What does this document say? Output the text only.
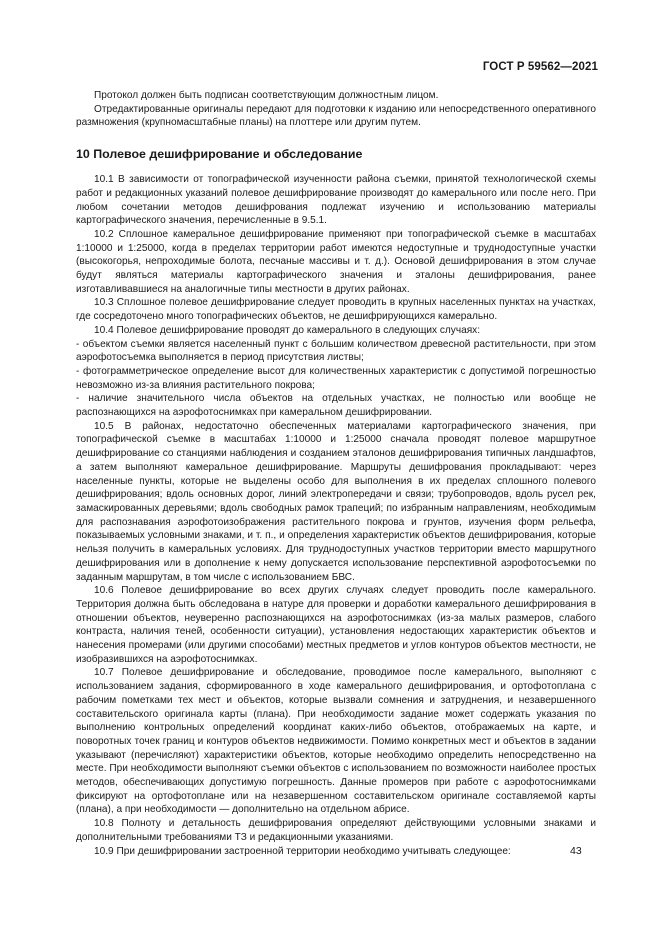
ГОСТ Р 59562—2021

Протокол должен быть подписан соответствующим должностным лицом.

Отредактированные оригиналы передают для подготовки к изданию или непосредственного оперативного размножения (крупномасштабные планы) на плоттере или другим путем.

10 Полевое дешифрирование и обследование

10.1 В зависимости от топографической изученности района съемки, принятой технологической схемы работ и редакционных указаний полевое дешифрирование производят до камерального или после него. При любом сочетании методов дешифрования подлежат изучению и использованию материалы картографического значения, перечисленные в 9.5.1.

10.2 Сплошное камеральное дешифрирование применяют при топографической съемке в масштабах 1:10000 и 1:25000, когда в пределах территории работ имеются недоступные и труднодоступные участки (высокогорья, непроходимые болота, песчаные массивы и т. д.). Основой дешифрирования в этом случае будут являться материалы картографического значения и эталоны дешифрирования, ранее изготавливавшиеся на аналогичные типы местности в других районах.

10.3 Сплошное полевое дешифрирование следует проводить в крупных населенных пунктах на участках, где сосредоточено много топографических объектов, не дешифрирующихся камерально.

10.4 Полевое дешифрирование проводят до камерального в следующих случаях:

- объектом съемки является населенный пункт с большим количеством древесной растительности, при этом аэрофотосъемка выполняется в период присутствия листвы;

- фотограмметрическое определение высот для количественных характеристик с допустимой погрешностью невозможно из-за влияния растительного покрова;

- наличие значительного числа объектов на отдельных участках, не полностью или вообще не распознающихся на аэрофотоснимках при камеральном дешифрировании.

10.5 В районах, недостаточно обеспеченных материалами картографического значения, при топографической съемке в масштабах 1:10000 и 1:25000 сначала проводят полевое маршрутное дешифрирование со станциями наблюдения и созданием эталонов дешифрирования типичных ландшафтов, а затем выполняют камеральное дешифрирование. Маршруты дешифрования прокладывают: через населенные пункты, которые не выделены особо для выполнения в их пределах сплошного полевого дешифрирования; вдоль основных дорог, линий электропередачи и связи; трубопроводов, вдоль русел рек, замаскированных деревьями; вдоль свободных рамок трапеций; по избранным направлениям, необходимым для распознавания аэрофотоизображения растительного покрова и грунтов, изучения форм рельефа, показываемых условными знаками, и т. п., и определения характеристик объектов дешифрирования, которые нельзя получить в камеральных условиях. Для труднодоступных участков территории вместо маршрутного дешифрирования или в дополнение к нему допускается использование перспективной аэрофотосъемки по заданным маршрутам, в том числе с использованием БВС.

10.6 Полевое дешифрирование во всех других случаях следует проводить после камерального. Территория должна быть обследована в натуре для проверки и доработки камерального дешифрирования в отношении объектов, неуверенно распознающихся на аэрофотоснимках (из-за малых размеров, слабого контраста, наличия теней, особенности ситуации), установления недостающих характеристик объектов и нанесения промерами (или другими способами) местных предметов и углов контуров объектов местности, не изобразившихся на аэрофотоснимках.

10.7 Полевое дешифрирование и обследование, проводимое после камерального, выполняют с использованием задания, сформированного в ходе камерального дешифрирования, и ортофотоплана с рабочим пометками тех мест и объектов, которые вызвали сомнения и затруднения, и незавершенного составительского оригинала карты (плана). При необходимости задание может содержать указания по выполнению контрольных определений координат каких-либо объектов, отображаемых на карте, и поворотных точек границ и контуров объектов недвижимости. Помимо конкретных мест и объектов в задании указывают (перечисляют) характеристики объектов, которые необходимо определить непосредственно на месте. При необходимости выполняют съемки объектов с использованием по возможности наиболее простых методов, обеспечивающих допустимую погрешность. Данные промеров при работе с аэрофотоснимками фиксируют на ортофотоплане или на незавершенном составительском оригинале составляемой карты (плана), а при необходимости — дополнительно на отдельном абрисе.

10.8 Полноту и детальность дешифрирования определяют действующими условными знаками и дополнительными требованиями ТЗ и редакционными указаниями.

10.9 При дешифрировании застроенной территории необходимо учитывать следующее:	43
